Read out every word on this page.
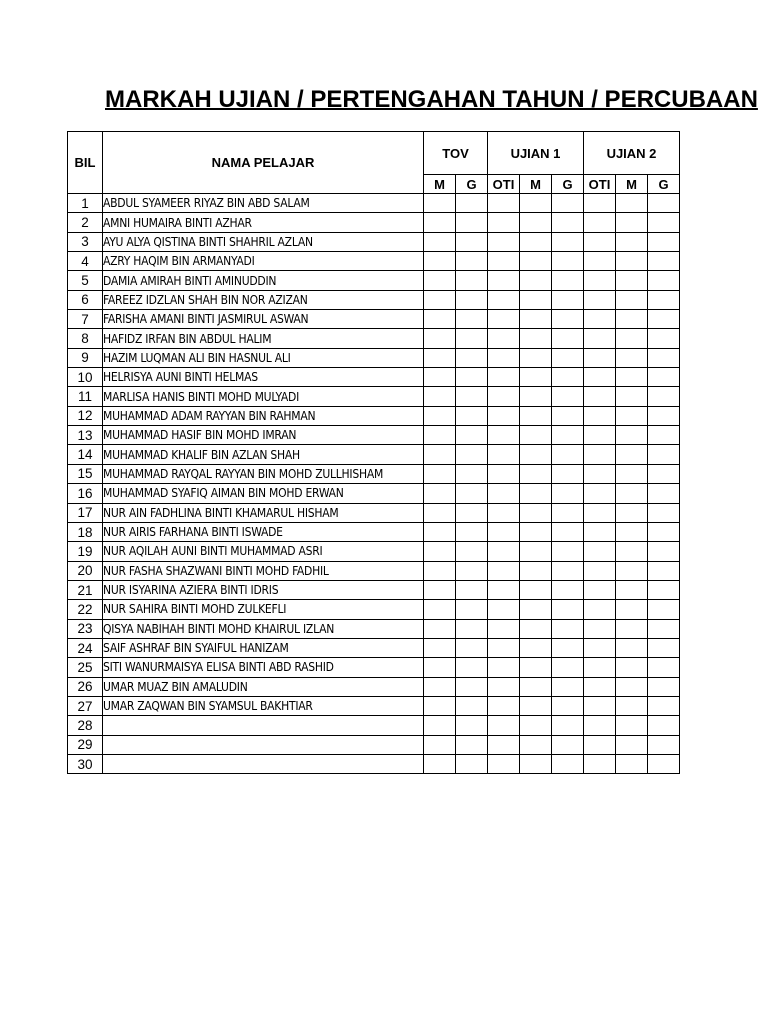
MARKAH UJIAN / PERTENGAHAN TAHUN / PERCUBAAN
BIL	NAMA PELAJAR	TOV		UJIAN 1			UJIAN 2		
		M	G	OTI	M	G	OTI	M	G
1	ABDUL SYAMEER RIYAZ BIN ABD SALAM								
2	AMNI HUMAIRA BINTI AZHAR								
3	AYU ALYA QISTINA BINTI SHAHRIL AZLAN								
4	AZRY HAQIM BIN ARMANYADI								
5	DAMIA AMIRAH BINTI AMINUDDIN								
6	FAREEZ IDZLAN SHAH BIN NOR AZIZAN								
7	FARISHA AMANI BINTI JASMIRUL ASWAN								
8	HAFIDZ IRFAN BIN ABDUL HALIM								
9	HAZIM LUQMAN ALI BIN HASNUL ALI								
10	HELRISYA AUNI BINTI HELMAS								
11	MARLISA HANIS BINTI MOHD MULYADI								
12	MUHAMMAD ADAM RAYYAN BIN RAHMAN								
13	MUHAMMAD HASIF BIN MOHD IMRAN								
14	MUHAMMAD KHALIF BIN AZLAN SHAH								
15	MUHAMMAD RAYQAL RAYYAN BIN MOHD ZULLHISHAM								
16	MUHAMMAD SYAFIQ AIMAN BIN MOHD ERWAN								
17	NUR AIN FADHLINA BINTI KHAMARUL HISHAM								
18	NUR AIRIS FARHANA BINTI ISWADE								
19	NUR AQILAH AUNI BINTI MUHAMMAD ASRI								
20	NUR FASHA SHAZWANI BINTI MOHD FADHIL								
21	NUR ISYARINA AZIERA BINTI IDRIS								
22	NUR SAHIRA BINTI MOHD ZULKEFLI								
23	QISYA NABIHAH BINTI MOHD KHAIRUL IZLAN								
24	SAIF ASHRAF BIN SYAIFUL HANIZAM								
25	SITI WANURMAISYA ELISA BINTI ABD RASHID								
26	UMAR MUAZ BIN AMALUDIN								
27	UMAR ZAQWAN BIN SYAMSUL BAKHTIAR								
28									
29									
30									
